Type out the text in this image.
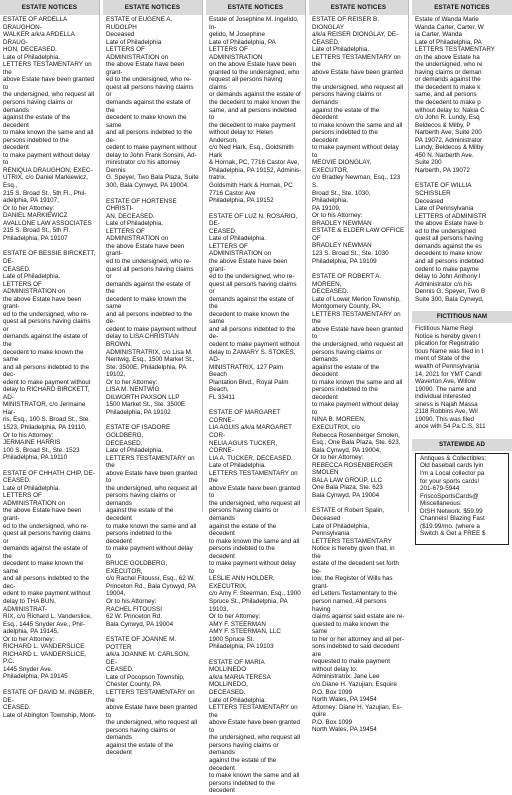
ESTATE NOTICES
ESTATE OF ARDELLA DRAUGHON-
WALKER a/k/a ARDELLA DRAUG-
HON, DECEASED.
Late of Philadelphia.
LETTERS TESTAMENTARY on the
above Estate have been granted to
the undersigned, who request all
persons having claims or demands
against the estate of the decedent
to make known the same and all
persons indebted to the decedent
to make payment without delay to
RENIQUA DRAUGHON, EXEC-
UTRIX, c/o Daniel Markiewicz, Esq.,
215 S. Broad St., 5th Fl., Phil-
adelphia, PA 19107,
Or to her Attorney:
DANIEL MARKIEWICZ
AVALLONE LAW ASSOCIATES
215 S. Broad St., 5th Fl.
Philadelphia, PA 19107
ESTATE OF BESSIE BIRCKETT, DE-
CEASED.
Late of Philadelphia.
LETTERS OF ADMINISTRATION on
the above Estate have been grant-
ed to the undersigned, who re-
quest all persons having claims or
demands against the estate of the
decedent to make known the same
and all persons indebted to the dec-
edent to make payment without
delay to RICHARD BIRCKETT, AD-
MINISTRATOR, c/o Jermaine Har-
ris, Esq., 100 S. Broad St., Ste.
1523, Philadelphia, PA 19110,
Or to his Attorney:
JERMAINE HARRIS
100 S. Broad St., Ste. 1523
Philadelphia, PA 19110
ESTATE OF CHHATH CHIP, DE-
CEASED.
Late of Philadelphia.
LETTERS OF ADMINISTRATION on
the above Estate have been grant-
ed to the undersigned, who re-
quest all persons having claims or
demands against the estate of the
decedent to make known the same
and all persons indebted to the dec-
edent to make payment without
delay to THA BUN, ADMINISTRAT-
RIX, c/o Richard L. Vanderslice,
Esq., 1445 Snyder Ave., Phil-
adelphia, PA 19145,
Or to her Attorney:
RICHARD L. VANDERSLICE
RICHARD L. VANDERSLICE, P.C.
1445 Snyder Ave.
Philadelphia, PA 19145
ESTATE OF DAVID M. INGBER, DE-
CEASED.
Late of Abington Township, Mont-
ESTATE NOTICES
ESTATE of EUGENE A. RUDOLPH
Deceased
Late of Philadelphia
LETTERS OF ADMINISTRATION on
the above Estate have been grant-
ed to the undersigned, who re-
quest all persons having claims or
demands against the estate of the
decedent to make known the same
and all persons indebted to the de-
cedent to make payment without
delay to John Frank Sonsini, Ad-
ministrator c/o his attorney Dennis
G. Speyer, Two Bala Plaza, Suite
300, Bala Cynwyd, PA 19004.
ESTATE OF HORTENSE CHRISTI-
AN, DECEASED.
Late of Philadelphia.
LETTERS OF ADMINISTRATION on
the above Estate have been grant-
ed to the undersigned, who re-
quest all persons having claims or
demands against the estate of the
decedent to make known the same
and all persons indebted to the de-
cedent to make payment without
delay to LISA CHRISTIAN BROWN,
ADMINISTRATRIX, c/o Lisa M.
Nentwig, Esq., 1500 Market St.,
Ste. 3500E, Philadelphia, PA
19102,
Or to her Attorney:
LISA M. NENTWIG
DILWORTH PAXSON LLP
1500 Market St., Ste. 3500E
Philadelphia, PA 19102
ESTATE OF ISADORE GOLDBERG,
DECEASED.
Late of Philadelphia.
LETTERS TESTAMENTARY on the
above Estate have been granted to
the undersigned, who request all
persons having claims or demands
against the estate of the decedent
to make known the same and all
persons indebted to the decedent
to make payment without delay to
BRUCE GOLDBERG, EXECUTOR,
c/o Rachel Fitoussi, Esq., 62 W.
Princeton Rd., Bala Cynwyd, PA
19004,
Or to his Attorney:
RACHEL FITOUSSI
62 W. Princeton Rd.
Bala Cynwyd, PA 19004
ESTATE OF JOANNE M. POTTER
a/k/a JOANNE M. CARLSON, DE-
CEASED.
Late of Pocopson Township,
Chester County, PA
LETTERS TESTAMENTARY on the
above Estate have been granted to
the undersigned, who request all
persons having claims or demands
against the estate of the decedent
ESTATE NOTICES
Estate of Josephine M. Ingelido, In-
gelido, M Josephine
Late of Philadelphia, PA
LETTERS OF ADMINISTRATION
on the above Estate have been
granted to the undersigned, who
request all persons having claims
or demands against the estate of
the decedent to make known the
same, and all persons indebted to
the decedent to make payment
without delay to: Helen Anderson,
c/o Ned Hark, Esq., Goldsmith Hark
& Hornak, PC, 7716 Castor Ave,
Philadelphia, PA 19152, Adminis-
tratrix.
Goldsmith Hark & Hornak, PC
7716 Castor Ave
Philadelphia, PA 19152
ESTATE OF LUZ N. ROSARIO, DE-
CEASED.
Late of Philadelphia.
LETTERS OF ADMINISTRATION on
the above Estate have been grant-
ed to the undersigned, who re-
quest all persons having claims or
demands against the estate of the
decedent to make known the same
and all persons indebted to the de-
cedent to make payment without
delay to ZAMARY S. STOKES, AD-
MINISTRATRIX, 127 Palm Beach
Plantation Blvd., Royal Palm Beach,
FL 33411
ESTATE OF MARGARET CORNE-
LIA AGUIS a/k/a MARGARET COR-
NELIA AGUIS TUCKER, CORNE-
LIA A. TUCKER, DECEASED.
Late of Philadelphia.
LETTERS TESTAMENTARY on the
above Estate have been granted to
the undersigned, who request all
persons having claims or demands
against the estate of the decedent
to make known the same and all
persons indebted to the decedent
to make payment without delay to
LESLIE ANN HOLDER, EXECUTRIX,
c/o Amy F. Steerman, Esq., 1900
Spruce St., Philadelphia, PA 19103,
Or to her Attorney:
AMY F. STEERMAN
AMY F. STEERMAN, LLC
1900 Spruce St.
Philadelphia, PA 19103
ESTATE OF MARIA MOLLINEDO
a/k/a MARIA TERESA MOLLINEDO,
DECEASED.
Late of Philadelphia.
LETTERS TESTAMENTARY on the
above Estate have been granted to
the undersigned, who request all
persons having claims or demands
against the estate of the decedent
to make known the same and all
persons indebted to the decedent
ESTATE NOTICES
ESTATE OF REISER B. DIONGLAY
a/k/a REISER DIONGLAY, DE-
CEASED.
Late of Philadelphia.
LETTERS TESTAMENTARY on the
above Estate have been granted to
the undersigned, who request all
persons having claims or demands
against the estate of the decedent
to make known the same and all
persons indebted to the decedent
to make payment without delay to
MEOVIE DIONGLAY, EXECUTOR,
c/o Bradley Newman, Esq., 123 S.
Broad St., Ste. 1030, Philadelphia,
PA 19109,
Or to his Attorney:
BRADLEY NEWMAN
ESTATE & ELDER LAW OFFICE OF
BRADLEY NEWMAN
123 S. Broad St., Ste. 1030
Philadelphia, PA 19109
ESTATE OF ROBERT A. MOREEN,
DECEASED.
Late of Lower Merion Township,
Montgomery County, PA.
LETTERS TESTAMENTARY on the
above Estate have been granted to
the undersigned, who request all
persons having claims or demands
against the estate of the decedent
to make known the same and all
persons indebted to the decedent
to make payment without delay to
NINA B. MOREEN, EXECUTRIX, c/o
Rebecca Rosenberger Smolen,
Esq., One Bala Plaza, Ste. 623,
Bala Cynwyd, PA 19004,
Or to her Attorney:
REBECCA ROSENBERGER
SMOLEN
BALA LAW GROUP, LLC
One Bala Plaza, Ste. 623
Bala Cynwyd, PA 19004
ESTATE of Robert Spalin, Deceased
Late of Philadelphia, Pennsylvania
LETTERS TESTAMENTARY
Notice is hereby given that, in the
estate of the decedent set forth be-
low, the Register of Wills has grant-
ed Letters Testamentary to the
person named. All persons having
claims against said estate are re-
quested to make known the same
to her or her attorney and all per-
sons indebted to said decedent are
requested to make payment
without delay to:
Administratrix: Jane Lee
c/o Diane H. Yazujian, Esquire
P.O. Box 1099
North Wales, PA 19454
Attorney: Diane H. Yazujian, Es-
quire
P.O. Box 1099
North Wales, PA 19454
ESTATE NOTICES
Estate of Wanda Marie
Wanda Carter, Carter, W
ia Carter, Wanda
Late of Philadelphia, PA
LETTERS TESTAMENTARY
on the above Estate ha
the undersigned, who re
having claims or deman
or demands against the
the decedent to make k
same, and all persons
the decedent to make p
without delay to: Nakia C
c/o John R. Lundy, Esq
Beldecos & Milby, P
Narberth Ave, Suite 200
PA 19072, Administrator
Lundy, Beldecos & Milby
450 N. Narberth Ave.
Suite 200
Narberth, PA 19072
ESTATE OF WILLIA
SCHISSLER
Deceased
Late of Pennsylvania
LETTERS of ADMINISTR
the above Estate have b
ed to the undersigned
quest all persons having
demands against the es
decedent to make know
and all persons indebted
cedent to make payme
delay to John Anthony I
Administrator c/o his
Dennis G. Speyer, Two B
Suite 300, Bala Cynwyd,
FICTITIOUS NAM
Fictitious Name Regi
Notice is hereby given t
plication for Registratio
tious Name was filed in t
ment of State of the
wealth of Pennsylvania
14, 2021 for YMT Candl
Waverton Ave, Willow
19090. The name and
individual interested
siness is Najah Massa
2118 Robbins Ave, Wil
19090. This was filed
ance with 54 Pa.C.S. 311
STATEWIDE AD
Antiques & Collectibles:
Old baseball cards lyin
I'm a Local collector pa
for your sports cards!
201-679-5944
FriscoSportsCards@
Miscellaneous:
DISH Network. $59.99
Channels! Blazing Fast
($19.99/mo. (where a
Switch & Get a FREE $
